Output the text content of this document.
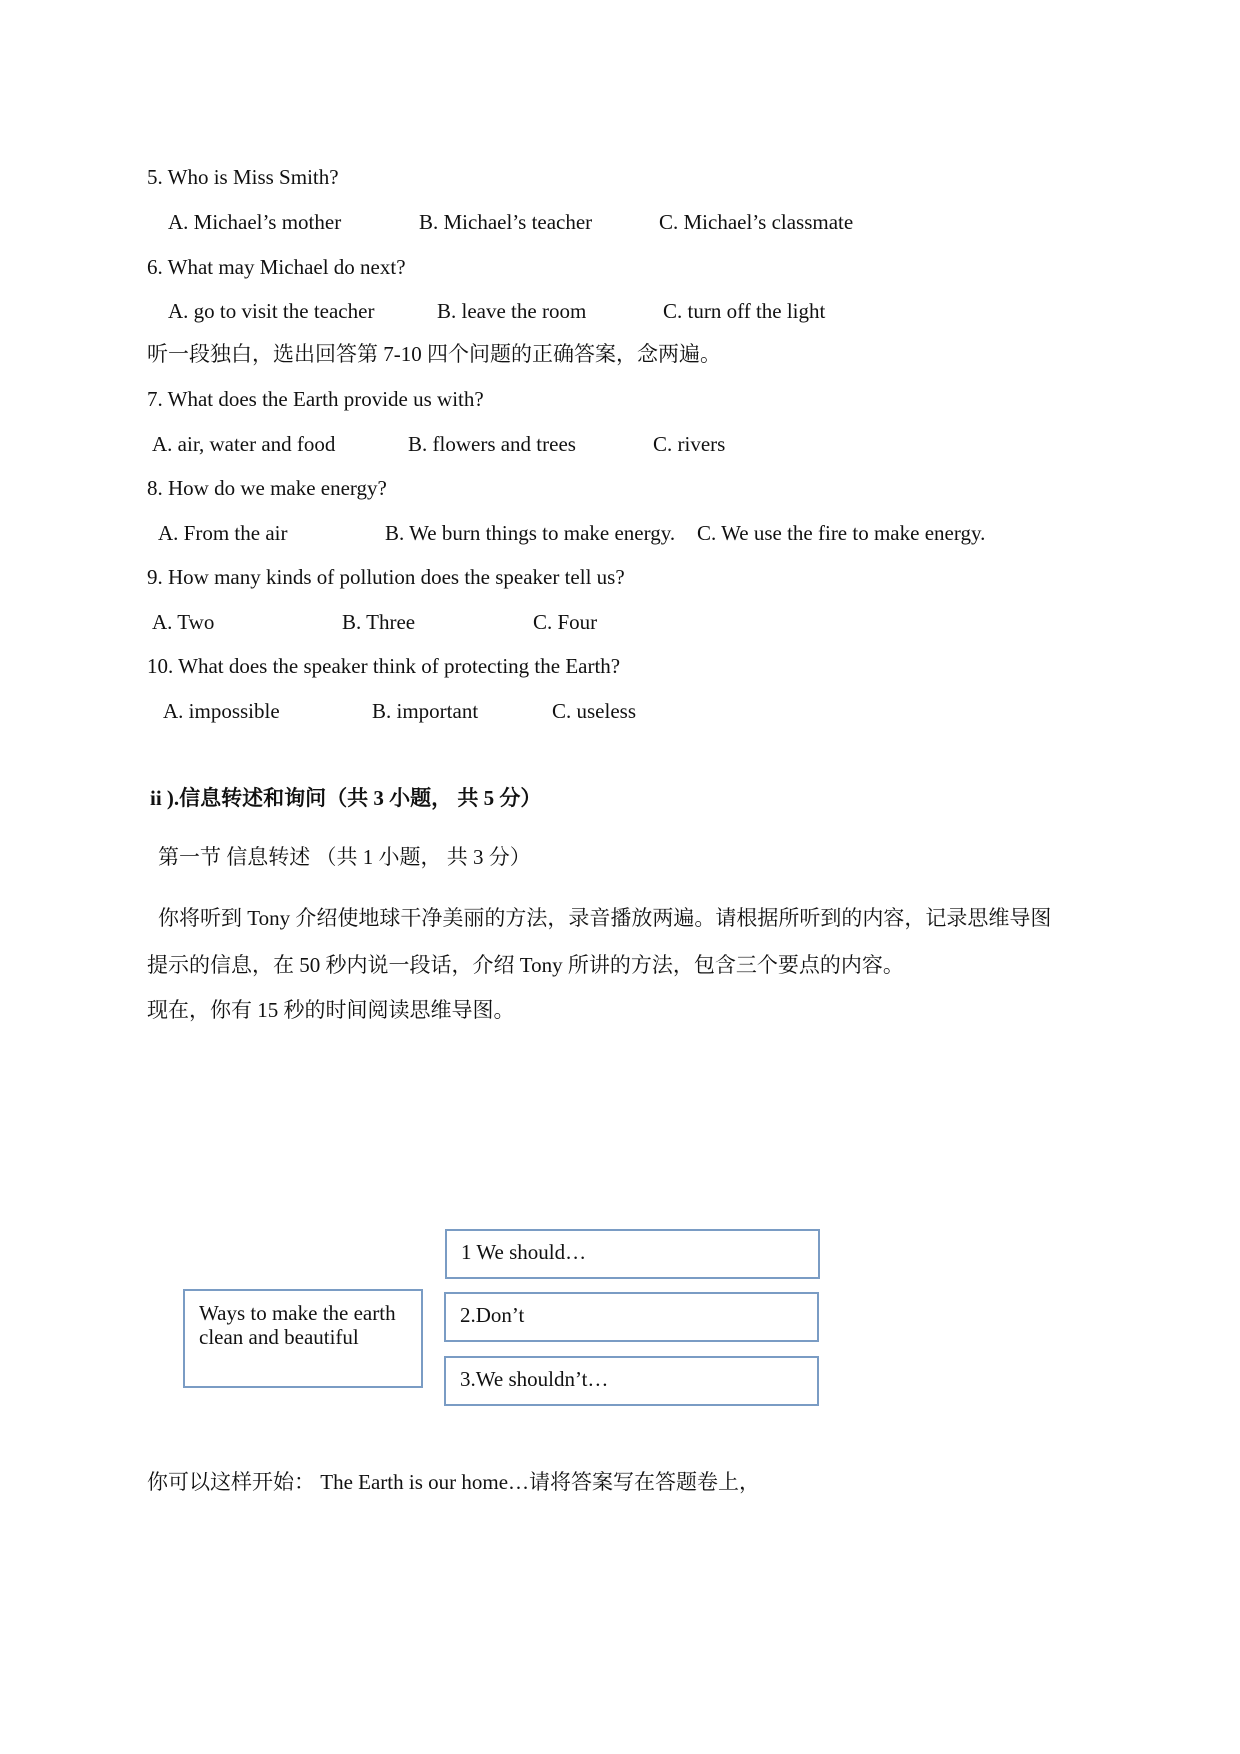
5. Who is Miss Smith?
A. Michael’s mother	B. Michael’s teacher	C. Michael’s classmate
6. What may Michael do next?
A. go to visit the teacher	B. leave the room	C. turn off the light
听一段独白，选出回答第 7-10 四个问题的正确答案，念两遍。
7. What does the Earth provide us with?
A. air, water and food	B. flowers and trees	C. rivers
8. How do we make energy?
A. From the air	B. We burn things to make energy. C. We use the fire to make energy.
9. How many kinds of pollution does the speaker tell us?
A. Two	B. Three	C. Four
10. What does the speaker think of protecting the Earth?
A. impossible	B. important	C. useless
ii ).信息转述和询问（共 3 小题， 共 5 分）
第一节 信息转述 （共 1 小题， 共 3 分）
你将听到 Tony 介绍使地球干净美丽的方法，录音播放两遍。请根据所听到的内容，记录思维导图
提示的信息，在 50 秒内说一段话，介绍 Tony 所讲的方法，包含三个要点的内容。
现在，你有 15 秒的时间阅读思维导图。
Ways to make the earth clean and beautiful
1 We should…
2.Don’t
3.We shouldn’t…
你可以这样开始： The Earth is our home…请将答案写在答题卷上，
